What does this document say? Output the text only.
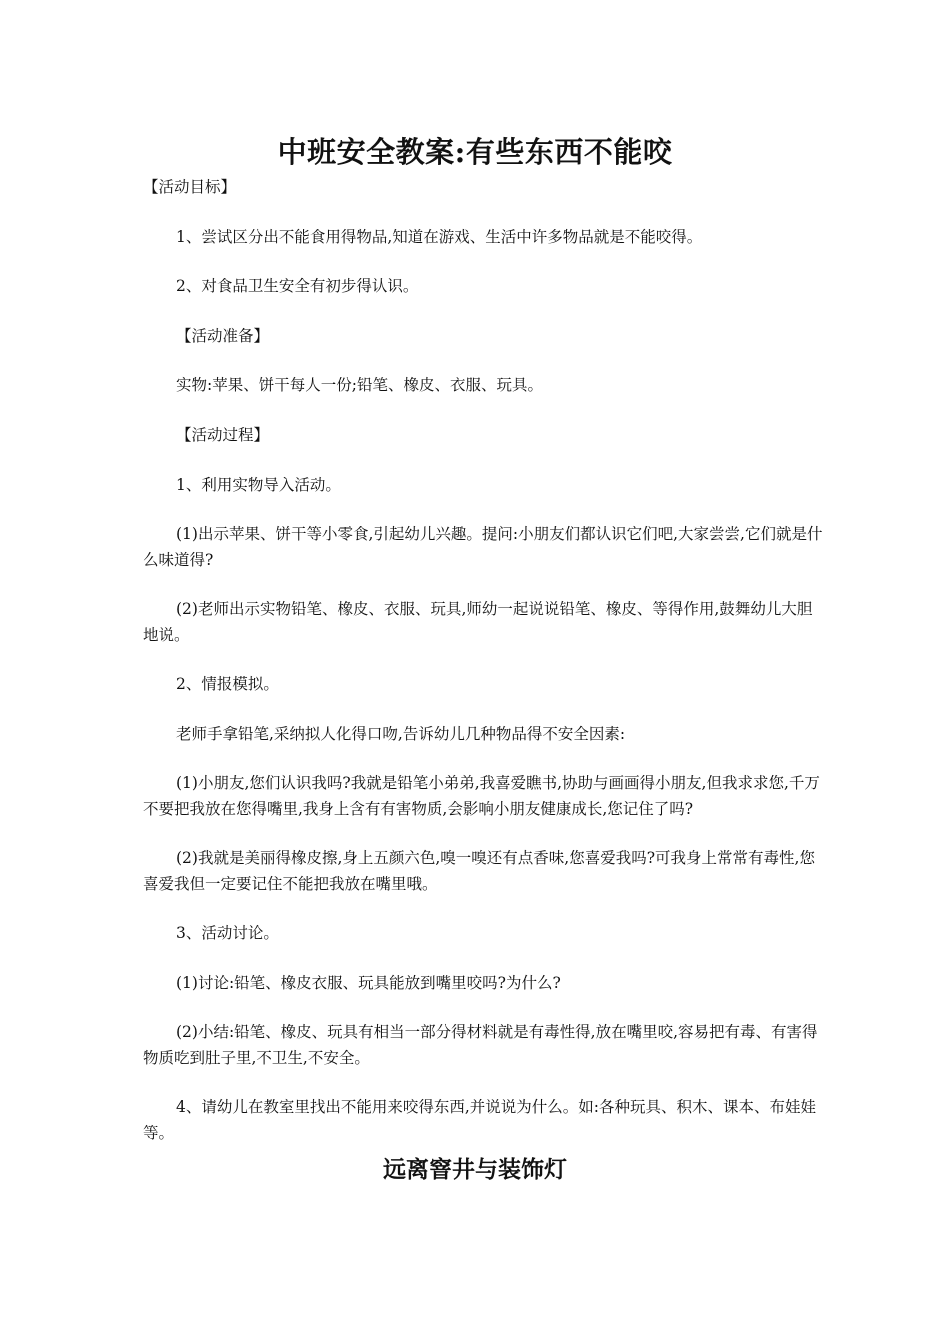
中班安全教案:有些东西不能咬

【活动目标】

1、尝试区分出不能食用得物品,知道在游戏、生活中许多物品就是不能咬得。

2、对食品卫生安全有初步得认识。

【活动准备】

实物:苹果、饼干每人一份;铅笔、橡皮、衣服、玩具。

【活动过程】

1、利用实物导入活动。

(1)出示苹果、饼干等小零食,引起幼儿兴趣。提问:小朋友们都认识它们吧,大家尝尝,它们就是什么味道得?

(2)老师出示实物铅笔、橡皮、衣服、玩具,师幼一起说说铅笔、橡皮、等得作用,鼓舞幼儿大胆地说。

2、情报模拟。

老师手拿铅笔,采纳拟人化得口吻,告诉幼儿几种物品得不安全因素:

(1)小朋友,您们认识我吗?我就是铅笔小弟弟,我喜爱瞧书,协助与画画得小朋友,但我求求您,千万不要把我放在您得嘴里,我身上含有有害物质,会影响小朋友健康成长,您记住了吗?

(2)我就是美丽得橡皮擦,身上五颜六色,嗅一嗅还有点香味,您喜爱我吗?可我身上常常有毒性,您喜爱我但一定要记住不能把我放在嘴里哦。

3、活动讨论。

(1)讨论:铅笔、橡皮衣服、玩具能放到嘴里咬吗?为什么?

(2)小结:铅笔、橡皮、玩具有相当一部分得材料就是有毒性得,放在嘴里咬,容易把有毒、有害得物质吃到肚子里,不卫生,不安全。

4、请幼儿在教室里找出不能用来咬得东西,并说说为什么。如:各种玩具、积木、课本、布娃娃等。

远离窨井与装饰灯
